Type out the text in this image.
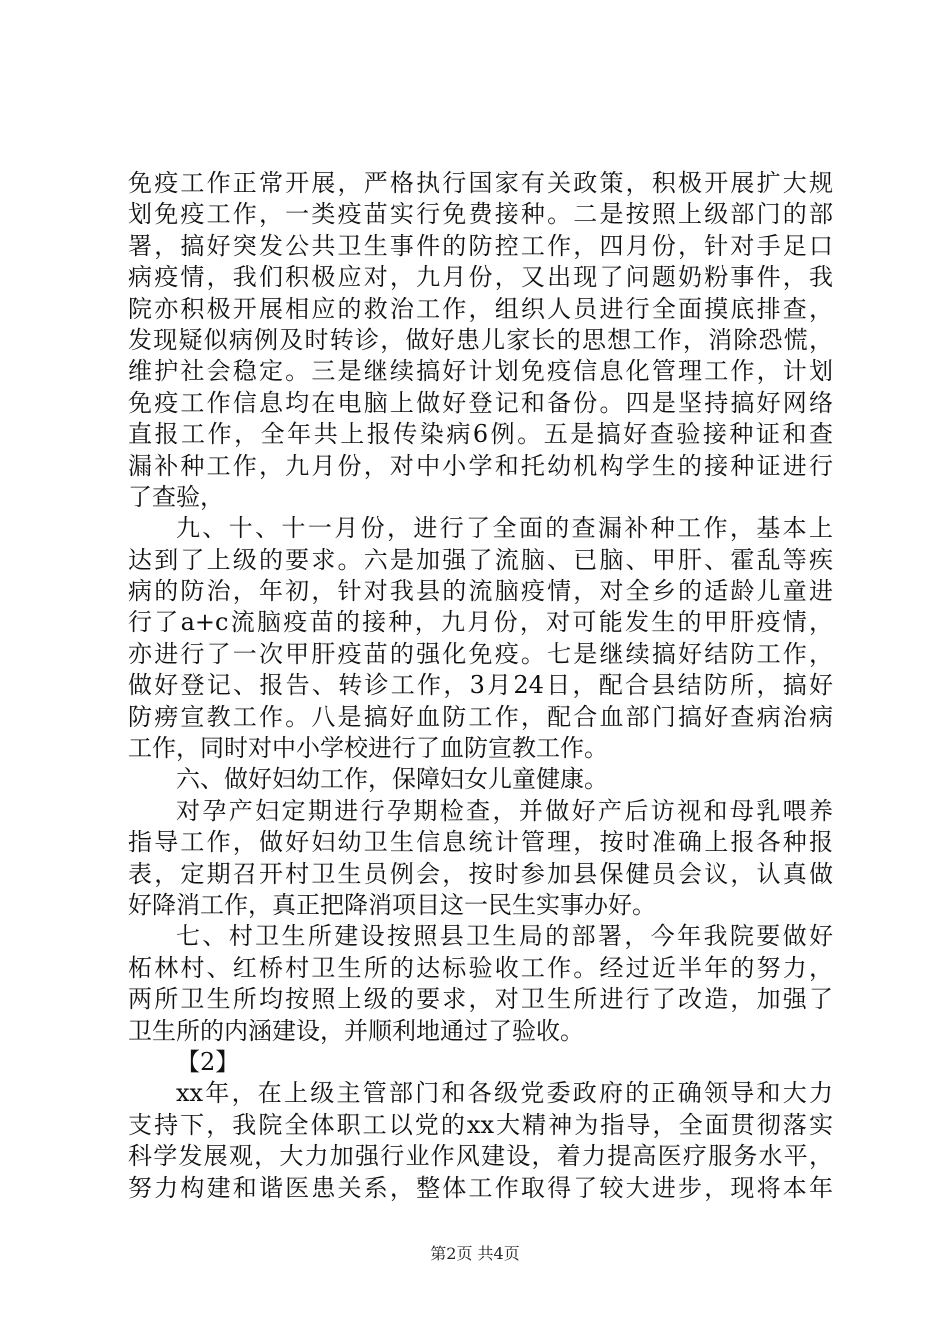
免疫工作正常开展，严格执行国家有关政策，积极开展扩大规
划免疫工作，一类疫苗实行免费接种。二是按照上级部门的部
署，搞好突发公共卫生事件的防控工作，四月份，针对手足口
病疫情，我们积极应对，九月份，又出现了问题奶粉事件，我
院亦积极开展相应的救治工作，组织人员进行全面摸底排查，
发现疑似病例及时转诊，做好患儿家长的思想工作，消除恐慌，
维护社会稳定。三是继续搞好计划免疫信息化管理工作，计划
免疫工作信息均在电脑上做好登记和备份。四是坚持搞好网络
直报工作，全年共上报传染病6例。五是搞好查验接种证和查
漏补种工作，九月份，对中小学和托幼机构学生的接种证进行
了查验，
九、十、十一月份，进行了全面的查漏补种工作，基本上
达到了上级的要求。六是加强了流脑、已脑、甲肝、霍乱等疾
病的防治，年初，针对我县的流脑疫情，对全乡的适龄儿童进
行了a+c流脑疫苗的接种，九月份，对可能发生的甲肝疫情，
亦进行了一次甲肝疫苗的强化免疫。七是继续搞好结防工作，
做好登记、报告、转诊工作，3月24日，配合县结防所，搞好
防痨宣教工作。八是搞好血防工作，配合血部门搞好查病治病
工作，同时对中小学校进行了血防宣教工作。
六、做好妇幼工作，保障妇女儿童健康。
对孕产妇定期进行孕期检查，并做好产后访视和母乳喂养
指导工作，做好妇幼卫生信息统计管理，按时准确上报各种报
表，定期召开村卫生员例会，按时参加县保健员会议，认真做
好降消工作，真正把降消项目这一民生实事办好。
七、村卫生所建设按照县卫生局的部署，今年我院要做好
柘林村、红桥村卫生所的达标验收工作。经过近半年的努力，
两所卫生所均按照上级的要求，对卫生所进行了改造，加强了
卫生所的内涵建设，并顺利地通过了验收。
【2】
xx年，在上级主管部门和各级党委政府的正确领导和大力
支持下，我院全体职工以党的xx大精神为指导，全面贯彻落实
科学发展观，大力加强行业作风建设，着力提高医疗服务水平，
努力构建和谐医患关系，整体工作取得了较大进步，现将本年
第2页 共4页
